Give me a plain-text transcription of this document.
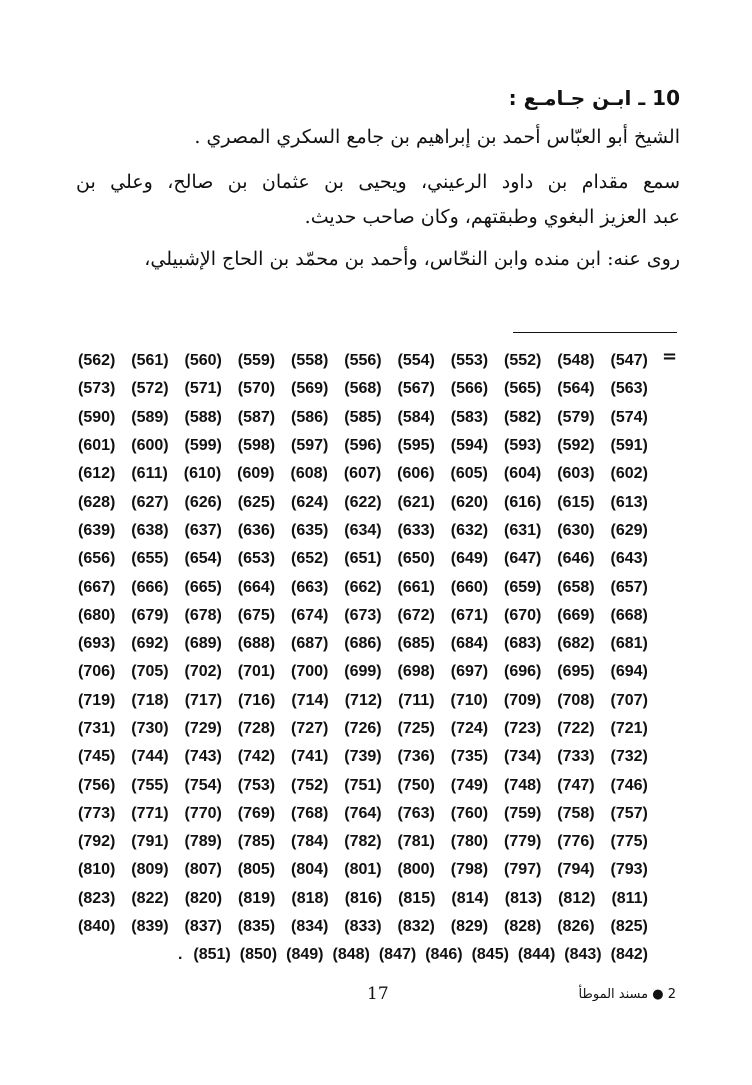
10 ـ ابـن جـامـع :
الشيخ أبو العبّاس أحمد بن إبراهيم بن جامع السكري المصري .
سمع مقدام بن داود الرعيني، ويحيى بن عثمان بن صالح، وعلي بن
عبد العزيز البغوي وطبقتهم، وكان صاحب حديث.
روى عنه: ابن منده وابن النحّاس، وأحمد بن محمّد بن الحاج الإشبيلي،
=
(547)
(548)
(552)
(553)
(554)
(556)
(558)
(559)
(560)
(561)
(562)
(563)
(564)
(565)
(566)
(567)
(568)
(569)
(570)
(571)
(572)
(573)
(574)
(579)
(582)
(583)
(584)
(585)
(586)
(587)
(588)
(589)
(590)
(591)
(592)
(593)
(594)
(595)
(596)
(597)
(598)
(599)
(600)
(601)
(602)
(603)
(604)
(605)
(606)
(607)
(608)
(609)
(610)
(611)
(612)
(613)
(615)
(616)
(620)
(621)
(622)
(624)
(625)
(626)
(627)
(628)
(629)
(630)
(631)
(632)
(633)
(634)
(635)
(636)
(637)
(638)
(639)
(643)
(646)
(647)
(649)
(650)
(651)
(652)
(653)
(654)
(655)
(656)
(657)
(658)
(659)
(660)
(661)
(662)
(663)
(664)
(665)
(666)
(667)
(668)
(669)
(670)
(671)
(672)
(673)
(674)
(675)
(678)
(679)
(680)
(681)
(682)
(683)
(684)
(685)
(686)
(687)
(688)
(689)
(692)
(693)
(694)
(695)
(696)
(697)
(698)
(699)
(700)
(701)
(702)
(705)
(706)
(707)
(708)
(709)
(710)
(711)
(712)
(714)
(716)
(717)
(718)
(719)
(721)
(722)
(723)
(724)
(725)
(726)
(727)
(728)
(729)
(730)
(731)
(732)
(733)
(734)
(735)
(736)
(739)
(741)
(742)
(743)
(744)
(745)
(746)
(747)
(748)
(749)
(750)
(751)
(752)
(753)
(754)
(755)
(756)
(757)
(758)
(759)
(760)
(763)
(764)
(768)
(769)
(770)
(771)
(773)
(775)
(776)
(779)
(780)
(781)
(782)
(784)
(785)
(789)
(791)
(792)
(793)
(794)
(797)
(798)
(800)
(801)
(804)
(805)
(807)
(809)
(810)
(811)
(812)
(813)
(814)
(815)
(816)
(818)
(819)
(820)
(822)
(823)
(825)
(826)
(828)
(829)
(832)
(833)
(834)
(835)
(837)
(839)
(840)
(842)
(843)
(844)
(845)
(846)
(847)
(848)
(849)
(850)
(851)
.
17	2 ● مسند الموطأ
